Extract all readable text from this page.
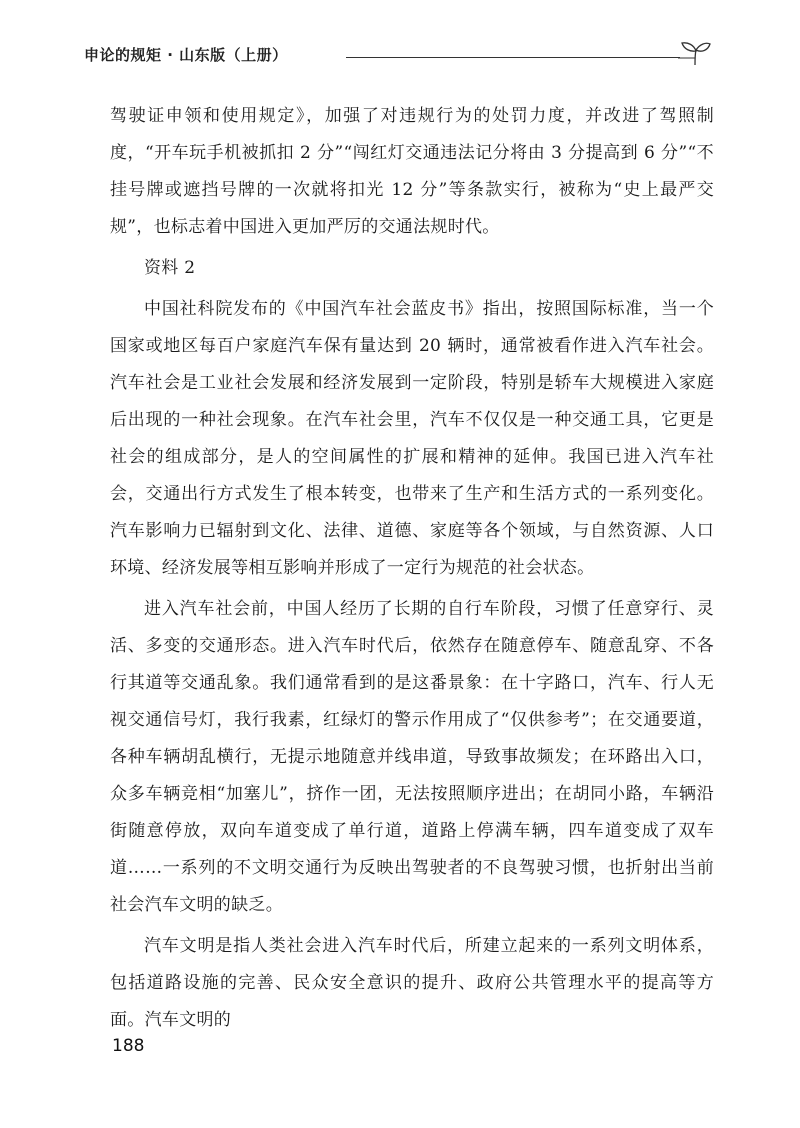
申论的规矩 · 山东版（上册）

驾驶证申领和使用规定》，加强了对违规行为的处罚力度，并改进了驾照制度，“开车玩手机被抓扣 2 分”“闯红灯交通违法记分将由 3 分提高到 6 分”“不挂号牌或遮挡号牌的一次就将扣光 12 分”等条款实行，被称为“史上最严交规”，也标志着中国进入更加严厉的交通法规时代。

资料 2

中国社科院发布的《中国汽车社会蓝皮书》指出，按照国际标准，当一个国家或地区每百户家庭汽车保有量达到 20 辆时，通常被看作进入汽车社会。汽车社会是工业社会发展和经济发展到一定阶段，特别是轿车大规模进入家庭后出现的一种社会现象。在汽车社会里，汽车不仅仅是一种交通工具，它更是社会的组成部分，是人的空间属性的扩展和精神的延伸。我国已进入汽车社会，交通出行方式发生了根本转变，也带来了生产和生活方式的一系列变化。汽车影响力已辐射到文化、法律、道德、家庭等各个领域，与自然资源、人口环境、经济发展等相互影响并形成了一定行为规范的社会状态。

进入汽车社会前，中国人经历了长期的自行车阶段，习惯了任意穿行、灵活、多变的交通形态。进入汽车时代后，依然存在随意停车、随意乱穿、不各行其道等交通乱象。我们通常看到的是这番景象：在十字路口，汽车、行人无视交通信号灯，我行我素，红绿灯的警示作用成了“仅供参考”；在交通要道，各种车辆胡乱横行，无提示地随意并线串道，导致事故频发；在环路出入口，众多车辆竞相“加塞儿”，挤作一团，无法按照顺序进出；在胡同小路，车辆沿街随意停放，双向车道变成了单行道，道路上停满车辆，四车道变成了双车道……一系列的不文明交通行为反映出驾驶者的不良驾驶习惯，也折射出当前社会汽车文明的缺乏。

汽车文明是指人类社会进入汽车时代后，所建立起来的一系列文明体系，包括道路设施的完善、民众安全意识的提升、政府公共管理水平的提高等方面。汽车文明的

188
